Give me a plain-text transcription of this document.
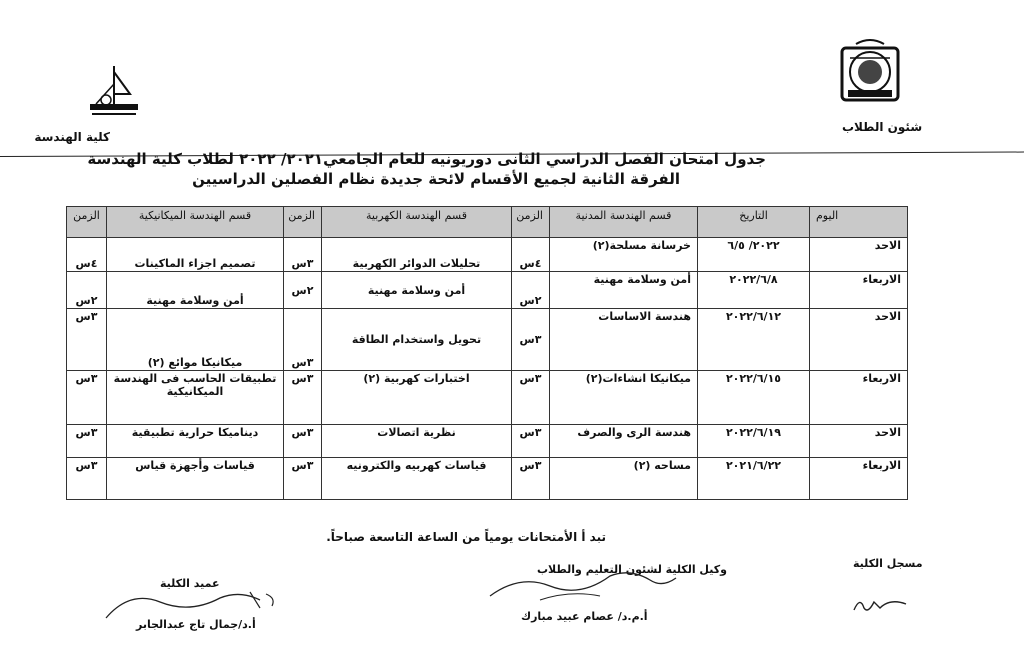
كلية الهندسة
شئون الطلاب
جدول امتحان الفصل الدراسي الثانى دوريونيه للعام الجامعي٢٠٢١/ ٢٠٢٢ لطلاب كلية الهندسة
الفرقة الثانية لجميع الأقسام لائحة جديدة نظام الفصلين الدراسيين
اليوم	التاريخ	قسم الهندسة المدنية	الزمن	قسم الهندسة الكهربية	الزمن	قسم الهندسة الميكانيكية	الزمن
الاحد	٢٠٢٢/ ٦/٥	خرسانة مسلحة(٢)	٤س	تحليلات الدوائر الكهربية	٣س	تصميم اجزاء الماكينات	٤س
الاربعاء	٢٠٢٢/٦/٨	أمن وسلامة مهنية	٢س	أمن وسلامة مهنية	٢س	أمن وسلامة مهنية	٢س
الاحد	٢٠٢٢/٦/١٢	هندسة الاساسات	٣س	تحويل واستخدام الطاقة	٣س	ميكانيكا موائع (٢)	٣س
الاربعاء	٢٠٢٢/٦/١٥	ميكانيكا انشاءات(٢)	٣س	اختبارات كهربية (٢)	٣س	تطبيقات الحاسب فى الهندسة الميكانيكية	٣س
الاحد	٢٠٢٢/٦/١٩	هندسة الرى والصرف	٣س	نظرية اتصالات	٣س	ديناميكا حرارية تطبيقية	٣س
الاربعاء	٢٠٢١/٦/٢٢	مساحه (٢)	٣س	قياسات كهربيه والكترونيه	٣س	قياسات وأجهزة قياس	٣س
تبد أ الأمتحانات يومياً من الساعة التاسعة صباحاً.
مسجل الكلية
وكيل الكلية لشئون التعليم والطلاب
أ.م.د/ عصام عبيد مبارك
عميد الكلية
أ.د/جمال تاج عبدالجابر
